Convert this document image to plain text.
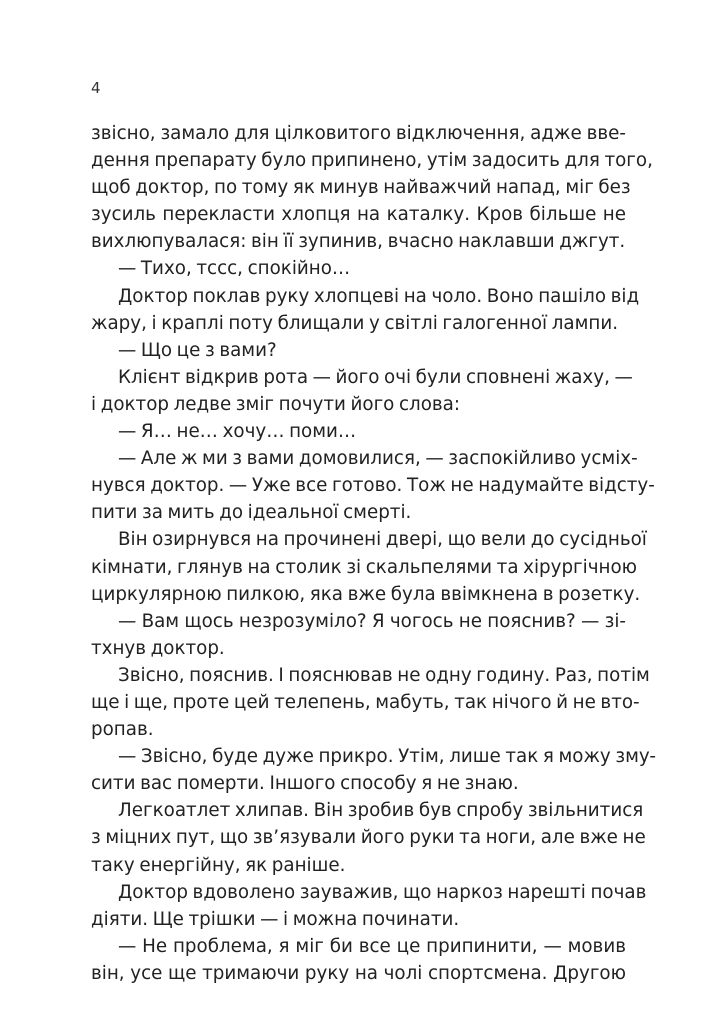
4
звісно, замало для цілковитого відключення, адже вве-
дення препарату було припинено, утім задосить для того,
щоб доктор, по тому як минув найважчий напад, міг без
зусиль перекласти хлопця на каталку. Кров більше не
вихлюпувалася: він її зупинив, вчасно наклавши джгут.
— Тихо, тссс, спокійно…
Доктор поклав руку хлопцеві на чоло. Воно пашіло від
жару, і краплі поту блищали у світлі галогенної лампи.
— Що це з вами?
Клієнт відкрив рота — його очі були сповнені жаху, —
і доктор ледве зміг почути його слова:
— Я… не… хочу… поми…
— Але ж ми з вами домовилися, — заспокійливо усміх-
нувся доктор. — Уже все готово. Тож не надумайте відсту-
пити за мить до ідеальної смерті.
Він озирнувся на прочинені двері, що вели до сусідньої
кімнати, глянув на столик зі скальпелями та хірургічною
циркулярною пилкою, яка вже була ввімкнена в розетку.
— Вам щось незрозуміло? Я чогось не пояснив? — зі-
тхнув доктор.
Звісно, пояснив. І пояснював не одну годину. Раз, потім
ще і ще, проте цей телепень, мабуть, так нічого й не вто-
ропав.
— Звісно, буде дуже прикро. Утім, лише так я можу змy-
сити вас померти. Іншого способу я не знаю.
Легкоатлет хлипав. Він зробив був спробу звільнитися
з міцних пут, що зв’язували його руки та ноги, але вже не
таку енергійну, як раніше.
Доктор вдоволено зауважив, що наркоз нарешті почав
діяти. Ще трішки — і можна починати.
— Не проблема, я міг би все це припинити, — мовив
він, усе ще тримаючи руку на чолі спортсмена. Другою
